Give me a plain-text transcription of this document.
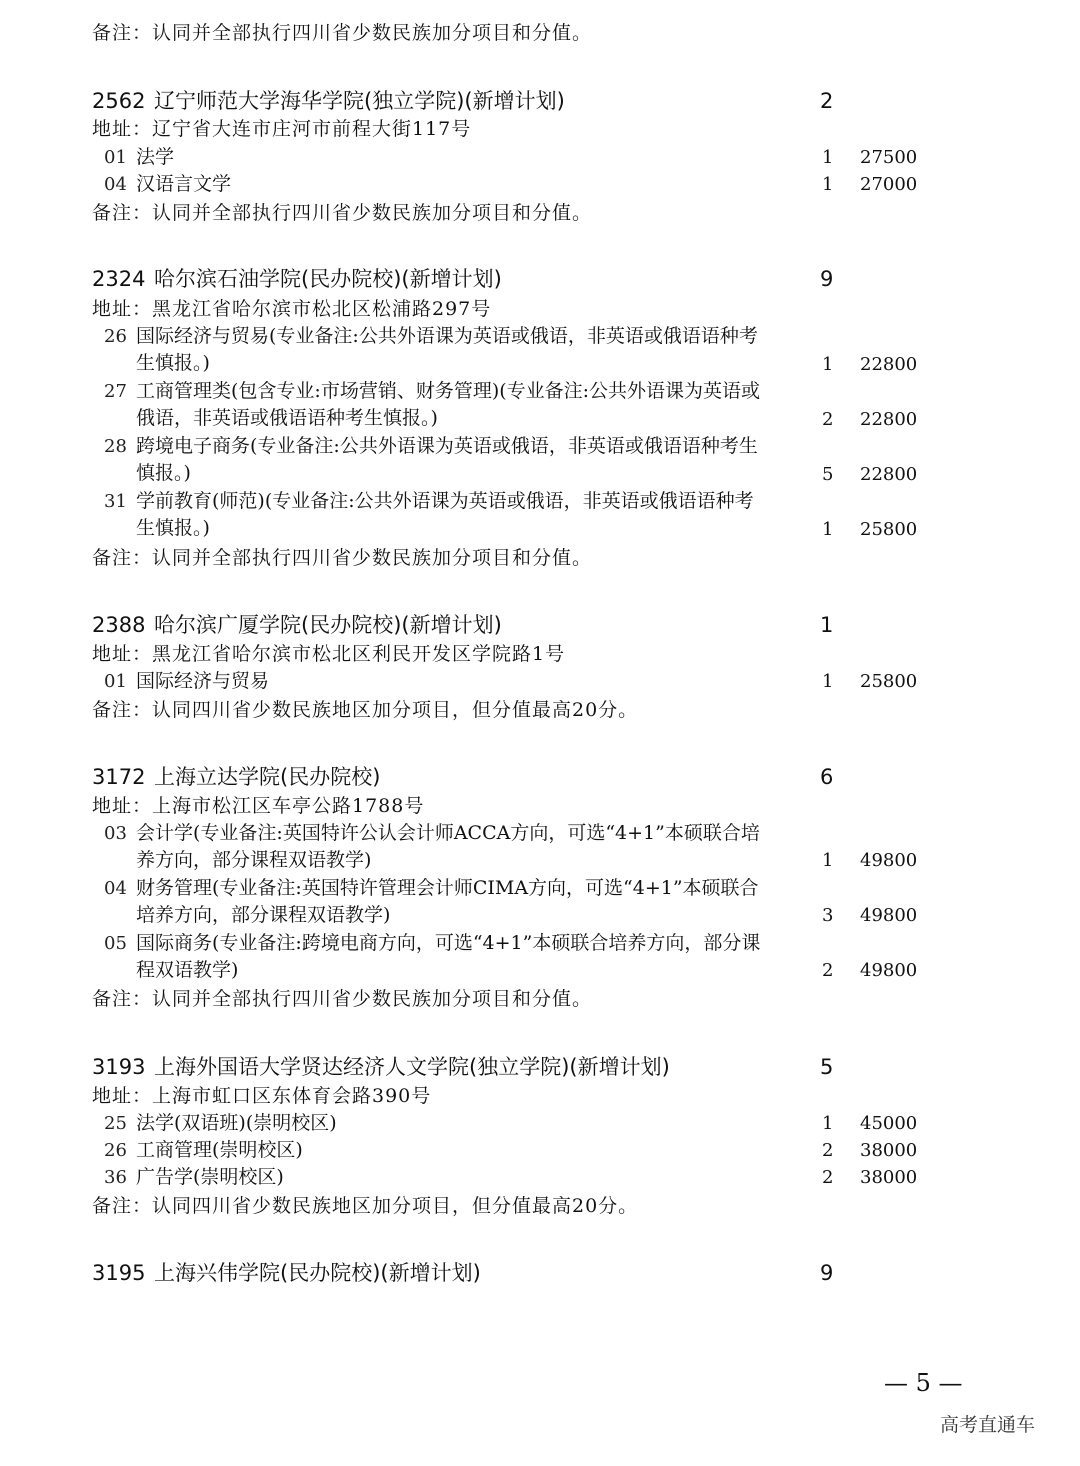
备注：认同并全部执行四川省少数民族加分项目和分值。
2562 辽宁师范大学海华学院(独立学院)(新增计划)	2
地址：辽宁省大连市庄河市前程大街117号
01 法学	1 27500
04 汉语言文学	1 27000
备注：认同并全部执行四川省少数民族加分项目和分值。
2324 哈尔滨石油学院(民办院校)(新增计划)	9
地址：黑龙江省哈尔滨市松北区松浦路297号
26 国际经济与贸易(专业备注:公共外语课为英语或俄语，非英语或俄语语种考生慎报。)	1 22800
27 工商管理类(包含专业:市场营销、财务管理)(专业备注:公共外语课为英语或俄语，非英语或俄语语种考生慎报。)	2 22800
28 跨境电子商务(专业备注:公共外语课为英语或俄语，非英语或俄语语种考生慎报。)	5 22800
31 学前教育(师范)(专业备注:公共外语课为英语或俄语，非英语或俄语语种考生慎报。)	1 25800
备注：认同并全部执行四川省少数民族加分项目和分值。
2388 哈尔滨广厦学院(民办院校)(新增计划)	1
地址：黑龙江省哈尔滨市松北区利民开发区学院路1号
01 国际经济与贸易	1 25800
备注：认同四川省少数民族地区加分项目，但分值最高20分。
3172 上海立达学院(民办院校)	6
地址：上海市松江区车亭公路1788号
03 会计学(专业备注:英国特许公认会计师ACCA方向，可选“4+1”本硕联合培养方向，部分课程双语教学)	1 49800
04 财务管理(专业备注:英国特许管理会计师CIMA方向，可选“4+1”本硕联合培养方向，部分课程双语教学)	3 49800
05 国际商务(专业备注:跨境电商方向，可选“4+1”本硕联合培养方向，部分课程双语教学)	2 49800
备注：认同并全部执行四川省少数民族加分项目和分值。
3193 上海外国语大学贤达经济人文学院(独立学院)(新增计划)	5
地址：上海市虹口区东体育会路390号
25 法学(双语班)(崇明校区)	1 45000
26 工商管理(崇明校区)	2 38000
36 广告学(崇明校区)	2 38000
备注：认同四川省少数民族地区加分项目，但分值最高20分。
3195 上海兴伟学院(民办院校)(新增计划)	9
— 5 —
高考直通车
